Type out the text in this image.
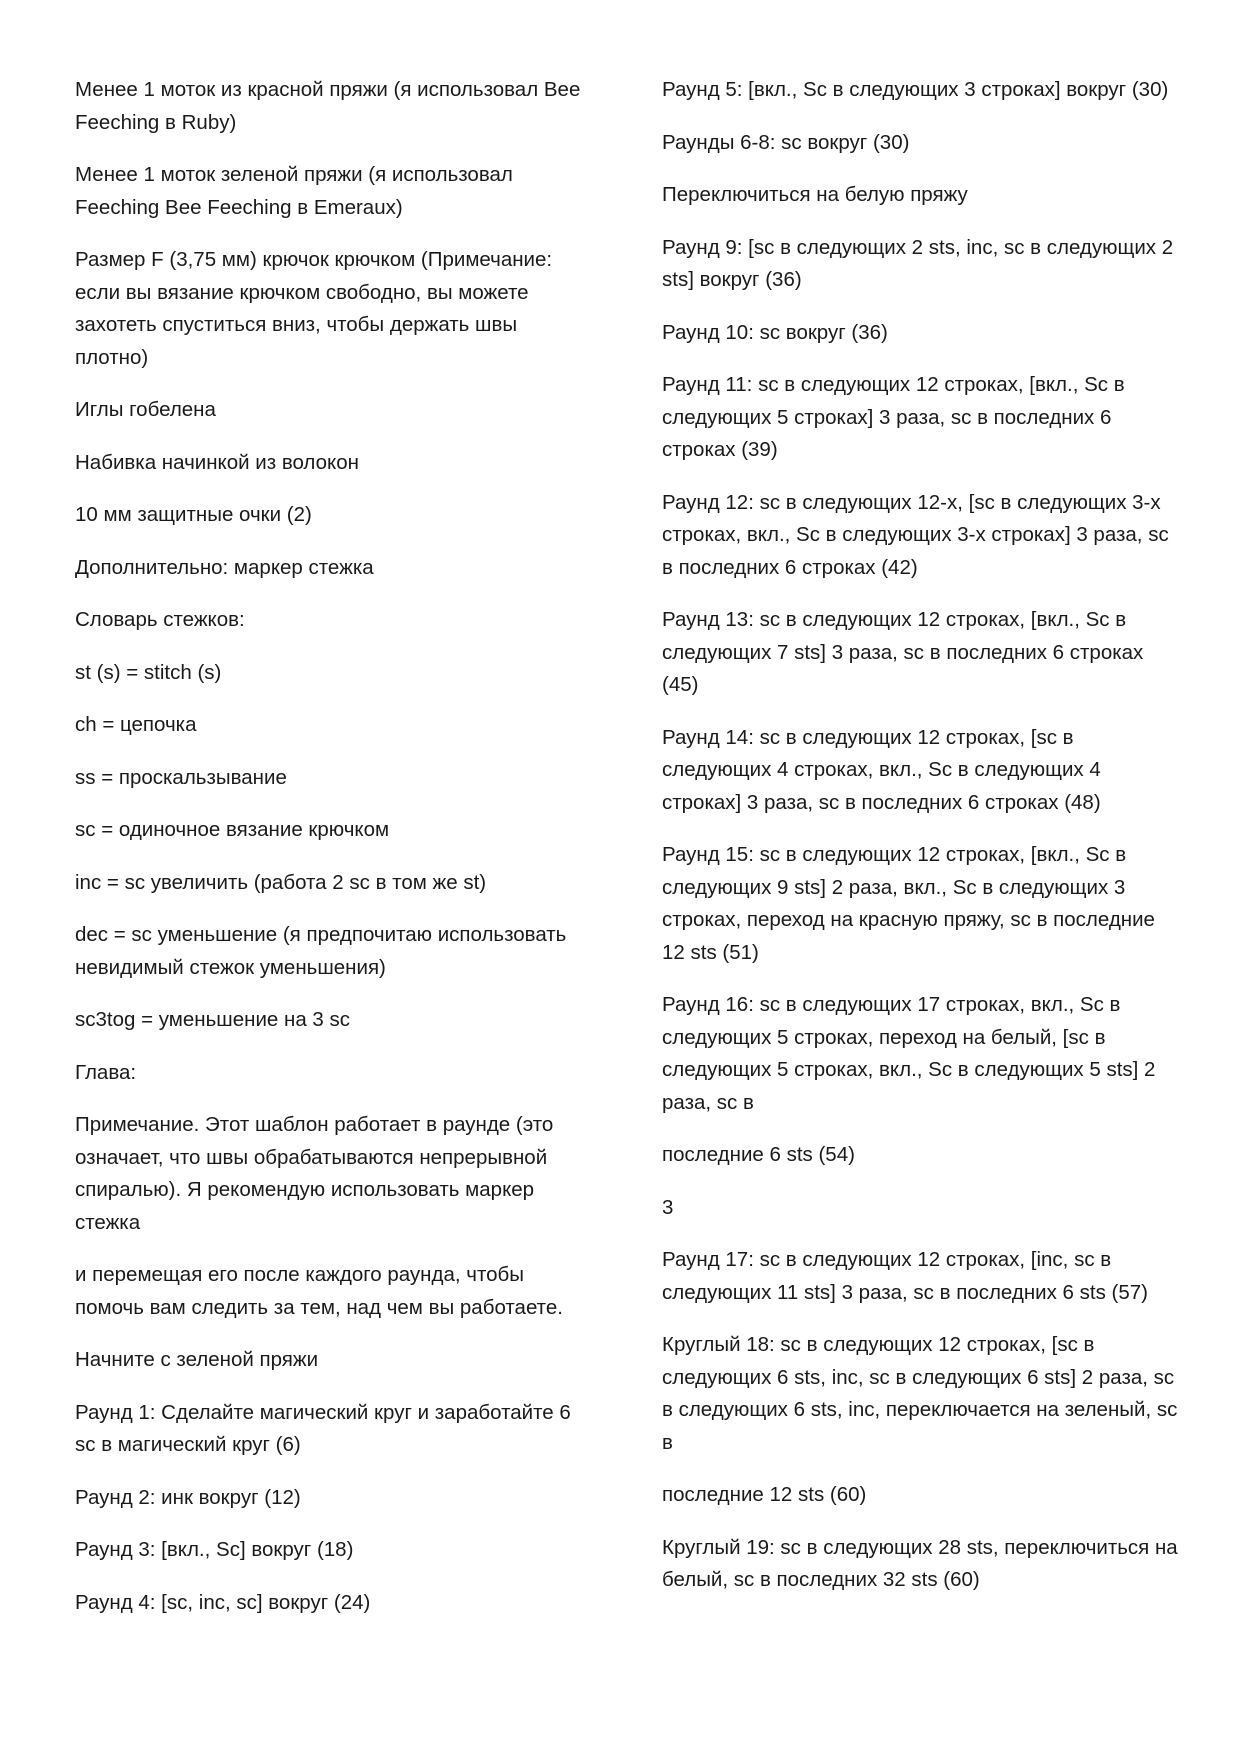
Менее 1 моток из красной пряжи (я использовал Bee Feeching в Ruby)

Менее 1 моток зеленой пряжи (я использовал Feeching Bee Feeching в Emeraux)

Размер F (3,75 мм) крючок крючком (Примечание: если вы вязание крючком свободно, вы можете захотеть спуститься вниз, чтобы держать швы плотно)

Иглы гобелена

Набивка начинкой из волокон

10 мм защитные очки (2)

Дополнительно: маркер стежка

Словарь стежков:

st (s) = stitch (s)

ch = цепочка

ss = проскальзывание

sc = одиночное вязание крючком

inc = sc увеличить (работа 2 sc в том же st)

dec = sc уменьшение (я предпочитаю использовать невидимый стежок уменьшения)

sc3tog = уменьшение на 3 sc

Глава:

Примечание. Этот шаблон работает в раунде (это означает, что швы обрабатываются непрерывной спиралью). Я рекомендую использовать маркер стежка

и перемещая его после каждого раунда, чтобы помочь вам следить за тем, над чем вы работаете.

Начните с зеленой пряжи

Раунд 1: Сделайте магический круг и заработайте 6 sc в магический круг (6)

Раунд 2: инк вокруг (12)

Раунд 3: [вкл., Sc] вокруг (18)

Раунд 4: [sc, inc, sc] вокруг (24)

Раунд 5: [вкл., Sc в следующих 3 строках] вокруг (30)

Раунды 6-8: sc вокруг (30)

Переключиться на белую пряжу

Раунд 9: [sc в следующих 2 sts, inc, sc в следующих 2 sts] вокруг (36)

Раунд 10: sc вокруг (36)

Раунд 11: sc в следующих 12 строках, [вкл., Sc в следующих 5 строках] 3 раза, sc в последних 6 строках (39)

Раунд 12: sc в следующих 12-х, [sc в следующих 3-х строках, вкл., Sc в следующих 3-х строках] 3 раза, sc в последних 6 строках (42)

Раунд 13: sc в следующих 12 строках, [вкл., Sc в следующих 7 sts] 3 раза, sc в последних 6 строках (45)

Раунд 14: sc в следующих 12 строках, [sc в следующих 4 строках, вкл., Sc в следующих 4 строках] 3 раза, sc в последних 6 строках (48)

Раунд 15: sc в следующих 12 строках, [вкл., Sc в следующих 9 sts] 2 раза, вкл., Sc в следующих 3 строках, переход на красную пряжу, sc в последние 12 sts (51)

Раунд 16: sc в следующих 17 строках, вкл., Sc в следующих 5 строках, переход на белый, [sc в следующих 5 строках, вкл., Sc в следующих 5 sts] 2 раза, sc в

последние 6 sts (54)

3

Раунд 17: sc в следующих 12 строках, [inc, sc в следующих 11 sts] 3 раза, sc в последних 6 sts (57)

Круглый 18: sc в следующих 12 строках, [sc в следующих 6 sts, inc, sc в следующих 6 sts] 2 раза, sc в следующих 6 sts, inc, переключается на зеленый, sc в

последние 12 sts (60)

Круглый 19: sc в следующих 28 sts, переключиться на белый, sc в последних 32 sts (60)
